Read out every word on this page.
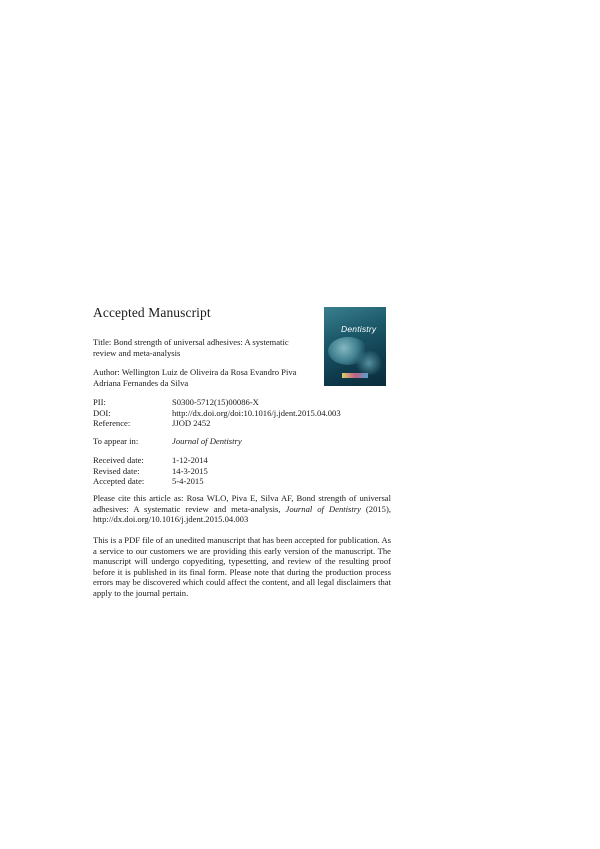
Accepted Manuscript
Dentistry
Title: Bond strength of universal adhesives: A systematic
review and meta-analysis
Author: Wellington Luiz de Oliveira da Rosa Evandro Piva
Adriana Fernandes da Silva
PII:	S0300-5712(15)00086-X
DOI:	http://dx.doi.org/doi:10.1016/j.jdent.2015.04.003
Reference:	JJOD 2452
To appear in:	Journal of Dentistry
Received date:	1-12-2014
Revised date:	14-3-2015
Accepted date:	5-4-2015
Please cite this article as: Rosa WLO, Piva E, Silva AF, Bond strength of universal adhesives: A systematic review and meta-analysis, Journal of Dentistry (2015), http://dx.doi.org/10.1016/j.jdent.2015.04.003
This is a PDF file of an unedited manuscript that has been accepted for publication. As a service to our customers we are providing this early version of the manuscript. The manuscript will undergo copyediting, typesetting, and review of the resulting proof before it is published in its final form. Please note that during the production process errors may be discovered which could affect the content, and all legal disclaimers that apply to the journal pertain.
